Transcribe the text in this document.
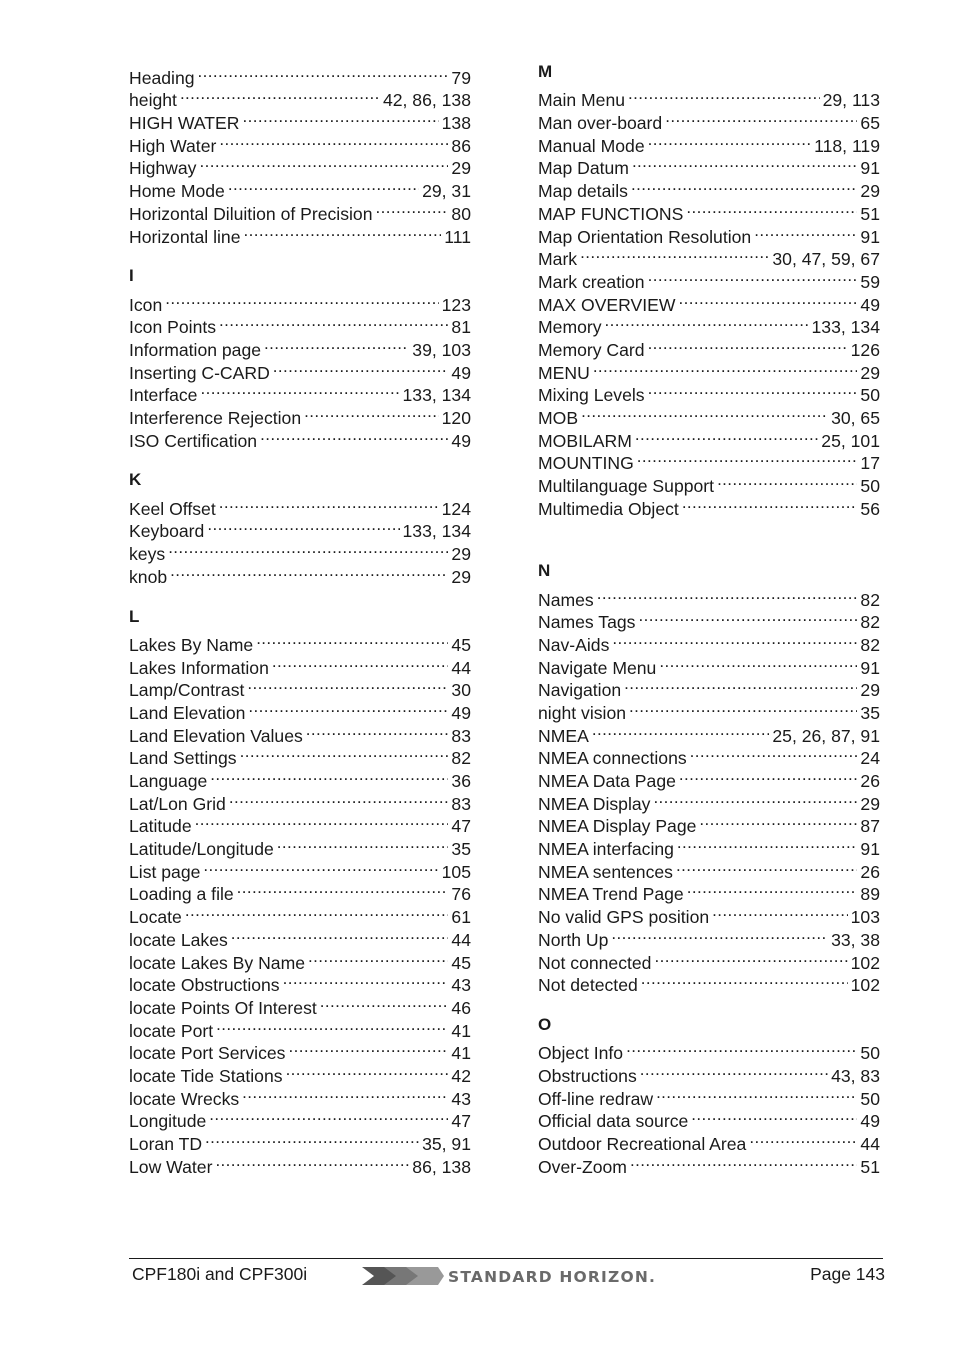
Heading .....	79
height .....	42, 86, 138
HIGH WATER .....	138
High Water .....	86
Highway .....	29
Home Mode .....	29, 31
Horizontal Diluition of Precision .....	80
Horizontal line .....	111
I
Icon .....	123
Icon Points .....	81
Information page .....	39, 103
Inserting C-CARD .....	49
Interface .....	133, 134
Interference Rejection .....	120
ISO Certification .....	49
K
Keel Offset .....	124
Keyboard .....	133, 134
keys .....	29
knob .....	29
L
Lakes By Name .....	45
Lakes Information .....	44
Lamp/Contrast .....	30
Land Elevation .....	49
Land Elevation Values .....	83
Land Settings .....	82
Language .....	36
Lat/Lon Grid .....	83
Latitude .....	47
Latitude/Longitude .....	35
List page .....	105
Loading a file .....	76
Locate .....	61
locate Lakes .....	44
locate Lakes By Name .....	45
locate Obstructions .....	43
locate Points Of Interest .....	46
locate Port .....	41
locate Port Services .....	41
locate Tide Stations .....	42
locate Wrecks .....	43
Longitude .....	47
Loran TD .....	35, 91
Low Water .....	86, 138
M
Main Menu .....	29, 113
Man over-board .....	65
Manual Mode .....	118, 119
Map Datum .....	91
Map details .....	29
MAP FUNCTIONS .....	51
Map Orientation Resolution .....	91
Mark .....	30, 47, 59, 67
Mark creation .....	59
MAX OVERVIEW .....	49
Memory .....	133, 134
Memory Card .....	126
MENU .....	29
Mixing Levels .....	50
MOB .....	30, 65
MOBILARM .....	25, 101
MOUNTING .....	17
Multilanguage Support .....	50
Multimedia Object .....	56
N
Names .....	82
Names Tags .....	82
Nav-Aids .....	82
Navigate Menu .....	91
Navigation .....	29
night vision .....	35
NMEA .....	25, 26, 87, 91
NMEA connections .....	24
NMEA Data Page .....	26
NMEA Display .....	29
NMEA Display Page .....	87
NMEA interfacing .....	91
NMEA sentences .....	26
NMEA Trend Page .....	89
No valid GPS position .....	103
North Up .....	33, 38
Not connected .....	102
Not detected .....	102
O
Object Info .....	50
Obstructions .....	43, 83
Off-line redraw .....	50
Official data source .....	49
Outdoor Recreational Area .....	44
Over-Zoom .....	51
CPF180i and CPF300i	STANDARD HORIZON.	Page 143
